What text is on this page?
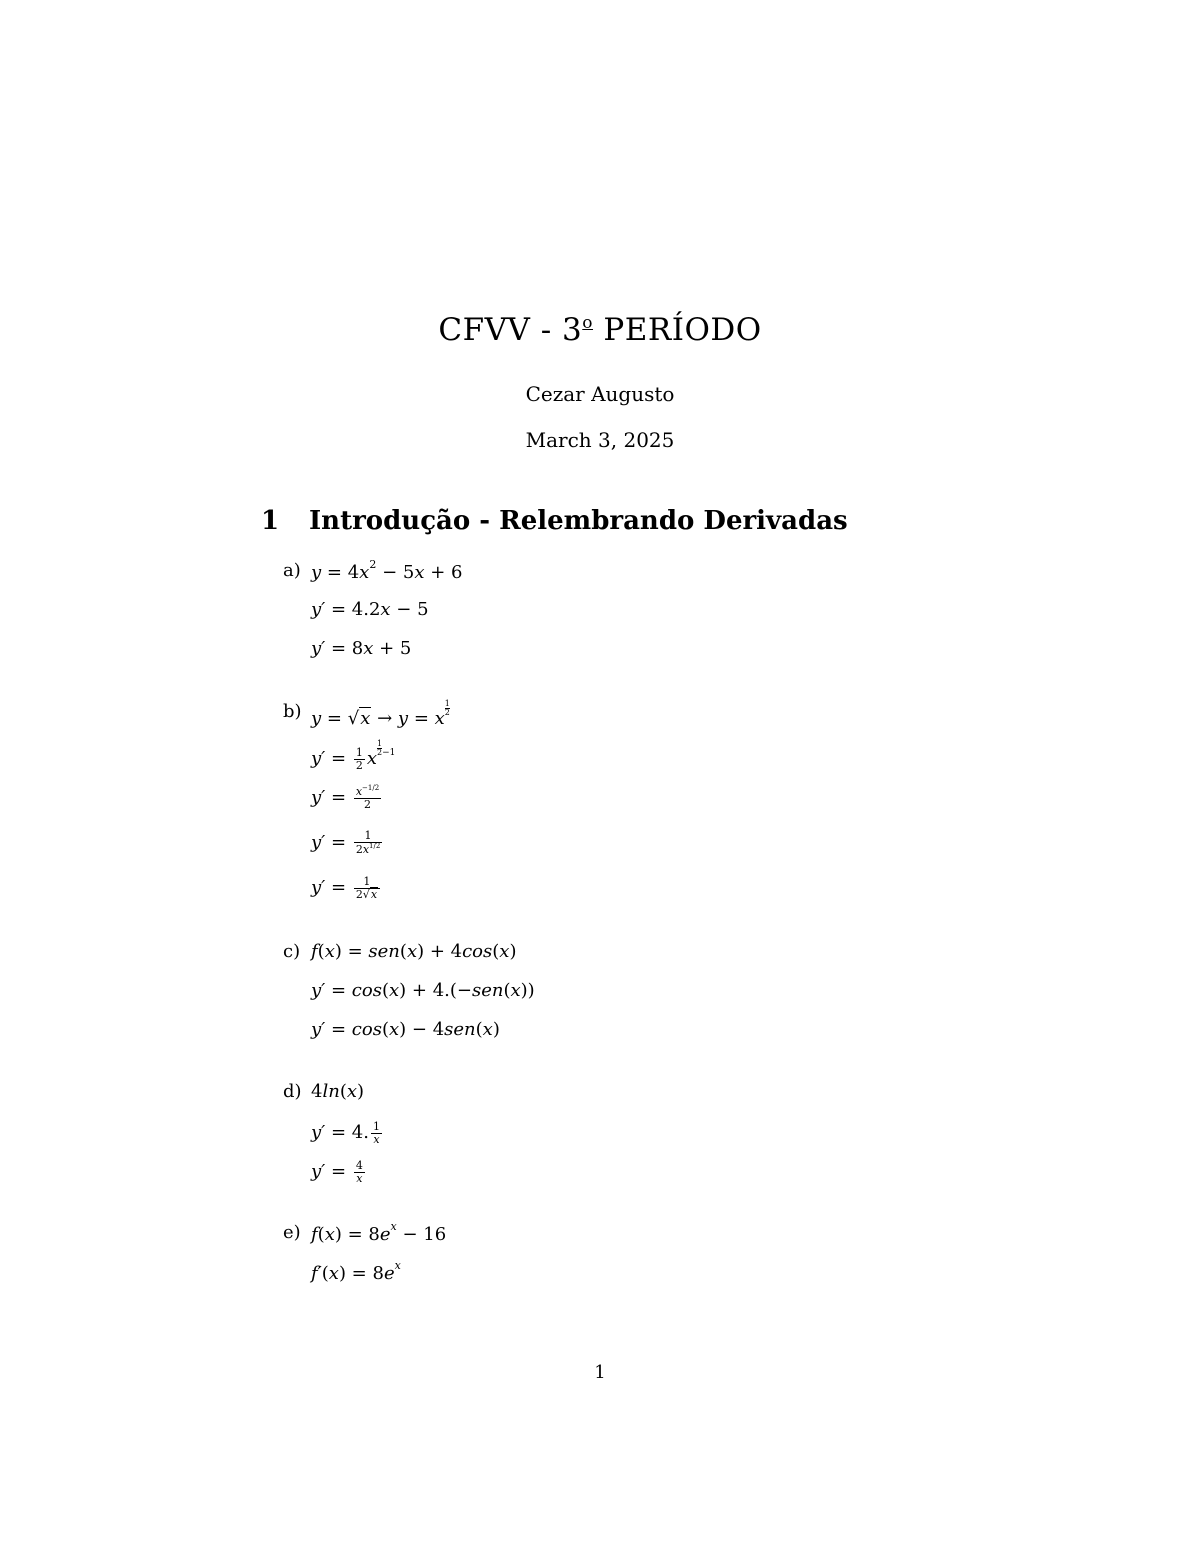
CFVV - 3$^o$ PERÍODO
Cezar Augusto
March 3, 2025
1 Introdução - Relembrando Derivadas
a) $y = 4x^2 - 5x + 6$
y′ = 4.2x − 5
y′ = 8x + 5
b) y = √x → y = x $\frac{1}{2}$
$y' = \frac{1}{2}$ x $\frac{1}{2} ^{-1}$
$y' = \frac{x^{-1/2}}{2}$
$y' = \frac{1}{2x^{1/2}}$
$y' = \frac{1}{2√x}$
c) f(x) = sen(x) + 4cos(x)
y′ = cos(x) + 4.(−sen(x))
y′ = cos(x) − 4sen(x)
d) 4ln(x)
y′ = 4. $\frac{1}{x}$
$y' = \frac{4}{x}$
e) $f(x) = 8e^x - 16$
$f'(x) = 8e^x$
1
